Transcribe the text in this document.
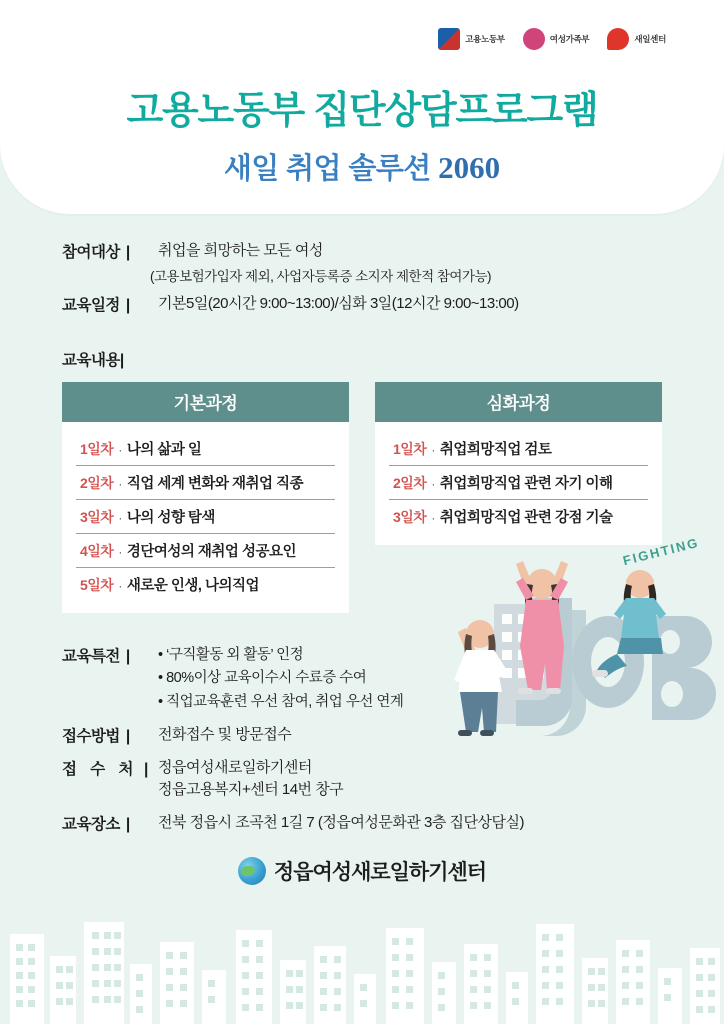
고용노동부	여성가족부	새일센터
고용노동부 집단상담프로그램
새일 취업 솔루션 2060
참여대상 |	취업을 희망하는 모든 여성
(고용보험가입자 제외, 사업자등록증 소지자 제한적 참여가능)
교육일정 |	기본5일(20시간 9:00~13:00)/심화 3일(12시간 9:00~13:00)
교육내용|
기본과정
1일차 · 나의 삶과 일
2일차 · 직업 세계 변화와 재취업 직종
3일차 · 나의 성향 탐색
4일차 · 경단여성의 재취업 성공요인
5일차 · 새로운 인생, 나의직업
심화과정
1일차 · 취업희망직업 검토
2일차 · 취업희망직업 관련 자기 이해
3일차 · 취업희망직업 관련 강점 기술
FIGHTING
교육특전 |	• ‘구직활동 외 활동’ 인정
• 80%이상 교육이수시 수료증 수여
• 직업교육훈련 우선 참여, 취업 우선 연계
접수방법 |	전화접수 및 방문접수
접 수 처 | 정읍여성새로일하기센터
정읍고용복지+센터 14번 창구
교육장소 |	전북 정읍시 조곡천 1길 7 (정읍여성문화관 3층 집단상담실)
정읍여성새로일하기센터
